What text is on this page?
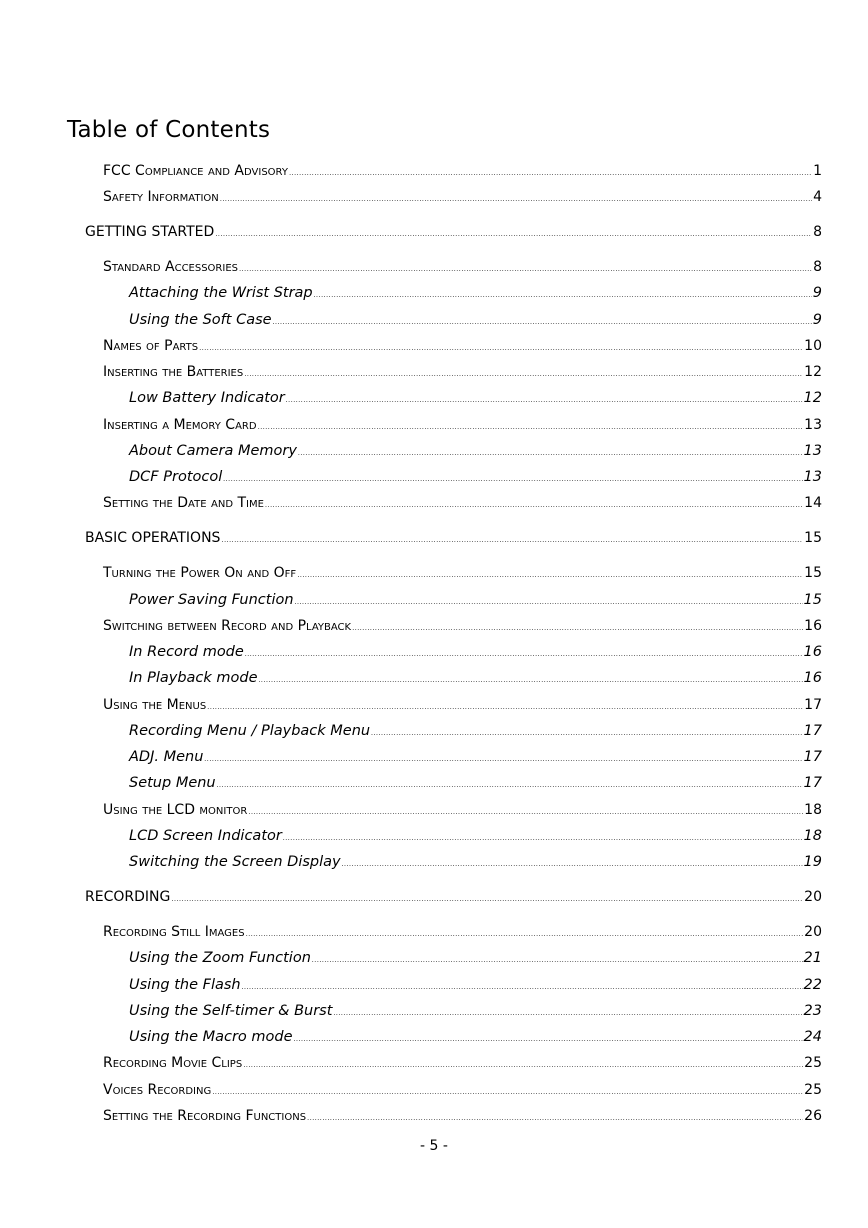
Table of Contents
FCC Compliance and Advisory .....	1
Safety Information .....	4
GETTING STARTED .....	8
Standard Accessories .....	8
Attaching the Wrist Strap .....	9
Using the Soft Case .....	9
Names of Parts .....	10
Inserting the Batteries .....	12
Low Battery Indicator .....	12
Inserting a Memory Card .....	13
About Camera Memory .....	13
DCF Protocol .....	13
Setting the Date and Time .....	14
BASIC OPERATIONS .....	15
Turning the Power On and Off .....	15
Power Saving Function .....	15
Switching between Record and Playback .....	16
In Record mode .....	16
In Playback mode .....	16
Using the Menus .....	17
Recording Menu / Playback Menu .....	17
ADJ. Menu .....	17
Setup Menu .....	17
Using the LCD monitor .....	18
LCD Screen Indicator .....	18
Switching the Screen Display .....	19
RECORDING .....	20
Recording Still Images .....	20
Using the Zoom Function .....	21
Using the Flash .....	22
Using the Self-timer & Burst .....	23
Using the Macro mode .....	24
Recording Movie Clips .....	25
Voices Recording .....	25
Setting the Recording Functions .....	26
- 5 -
